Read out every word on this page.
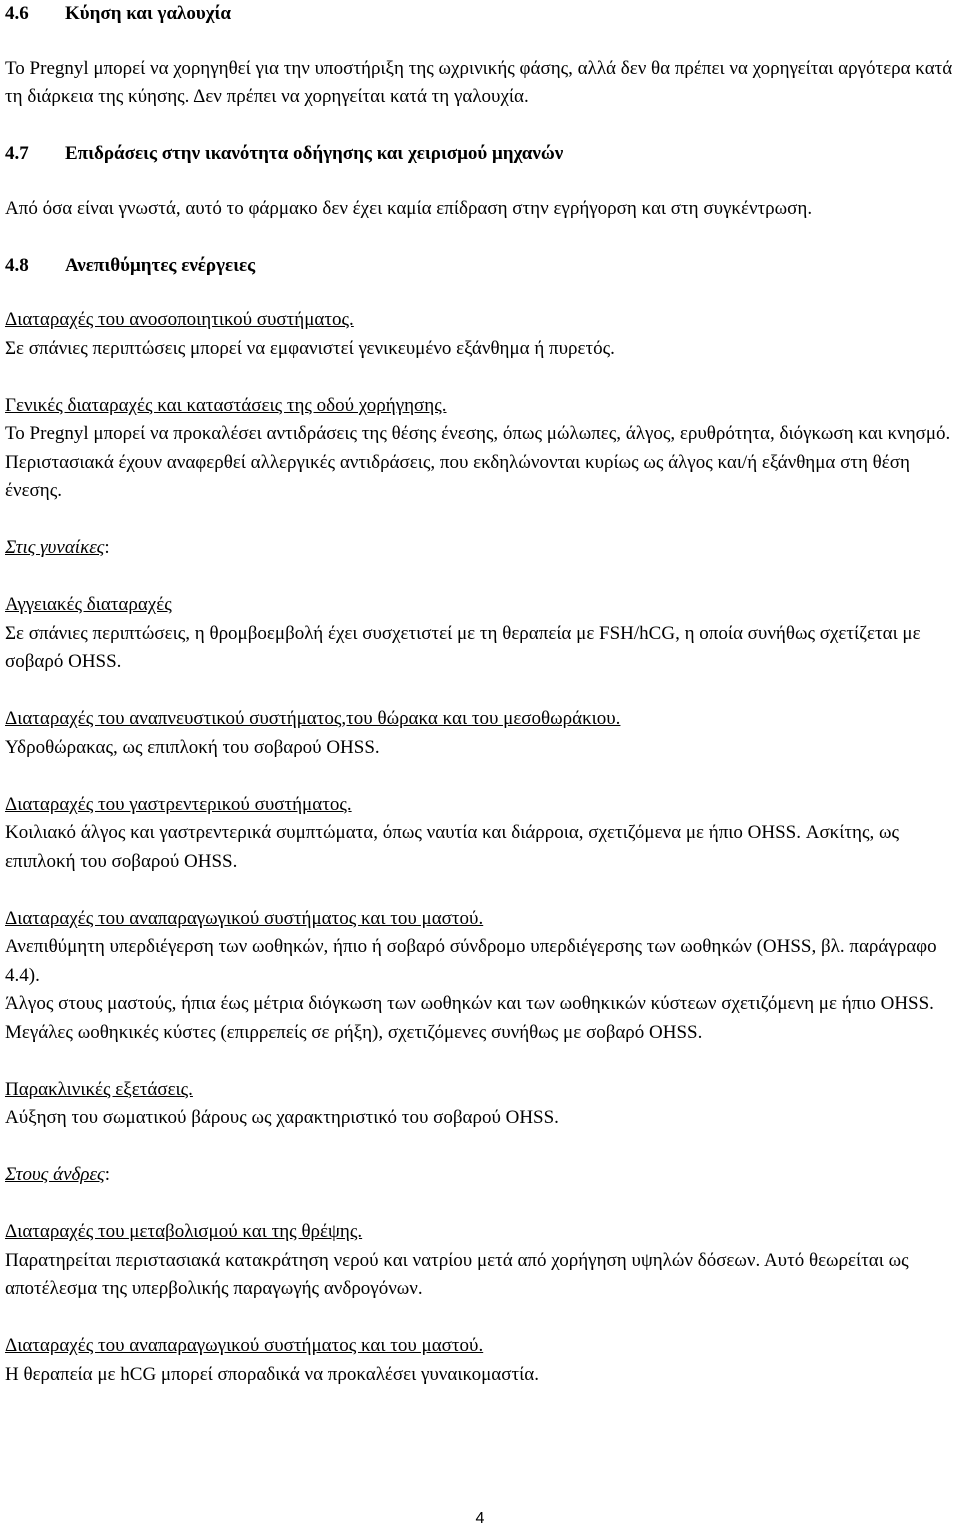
4.6	Κύηση και γαλουχία

Το Pregnyl μπορεί να χορηγηθεί για την υποστήριξη της ωχρινικής φάσης, αλλά δεν θα πρέπει να χορηγείται αργότερα κατά τη διάρκεια της κύησης. Δεν πρέπει να χορηγείται κατά τη γαλουχία.

4.7	Επιδράσεις στην ικανότητα οδήγησης και χειρισμού μηχανών

Από όσα είναι γνωστά, αυτό το φάρμακο δεν έχει καμία επίδραση στην εγρήγορση και στη συγκέντρωση.

4.8	Ανεπιθύμητες ενέργειες

Διαταραχές του ανοσοποιητικού συστήματος.

Σε σπάνιες περιπτώσεις μπορεί να εμφανιστεί γενικευμένο εξάνθημα ή πυρετός.

Γενικές διαταραχές και καταστάσεις της οδού χορήγησης.

Το Pregnyl μπορεί να προκαλέσει αντιδράσεις της θέσης ένεσης, όπως μώλωπες, άλγος, ερυθρότητα, διόγκωση και κνησμό. Περιστασιακά έχουν αναφερθεί αλλεργικές αντιδράσεις, που εκδηλώνονται κυρίως ως άλγος και/ή εξάνθημα στη θέση ένεσης.

Στις γυναίκες:

Αγγειακές διαταραχές

Σε σπάνιες περιπτώσεις, η θρομβοεμβολή έχει συσχετιστεί με τη θεραπεία με FSH/hCG, η οποία συνήθως σχετίζεται με σοβαρό OHSS.

Διαταραχές του αναπνευστικού συστήματος,του θώρακα και του μεσοθωράκιου.

Υδροθώρακας, ως επιπλοκή του σοβαρού OHSS.

Διαταραχές του γαστρεντερικού συστήματος.

Κοιλιακό άλγος και γαστρεντερικά συμπτώματα, όπως ναυτία και διάρροια, σχετιζόμενα με ήπιο OHSS. Ασκίτης, ως επιπλοκή του σοβαρού OHSS.

Διαταραχές του αναπαραγωγικού συστήματος και του μαστού.

Ανεπιθύμητη υπερδιέγερση των ωοθηκών, ήπιο ή σοβαρό σύνδρομο υπερδιέγερσης των ωοθηκών (OHSS, βλ. παράγραφο 4.4).

Άλγος στους μαστούς, ήπια έως μέτρια διόγκωση των ωοθηκών και των ωοθηκικών κύστεων σχετιζόμενη με ήπιο OHSS. Μεγάλες ωοθηκικές κύστες (επιρρεπείς σε ρήξη), σχετιζόμενες συνήθως με σοβαρό OHSS.

Παρακλινικές εξετάσεις.

Αύξηση του σωματικού βάρους ως χαρακτηριστικό του σοβαρού OHSS.

Στους άνδρες:

Διαταραχές του μεταβολισμού και της θρέψης.

Παρατηρείται περιστασιακά κατακράτηση νερού και νατρίου μετά από χορήγηση υψηλών δόσεων. Αυτό θεωρείται ως αποτέλεσμα της υπερβολικής παραγωγής ανδρογόνων.

Διαταραχές του αναπαραγωγικού συστήματος και του μαστού.

Η θεραπεία με hCG μπορεί σποραδικά να προκαλέσει γυναικομαστία.

4
